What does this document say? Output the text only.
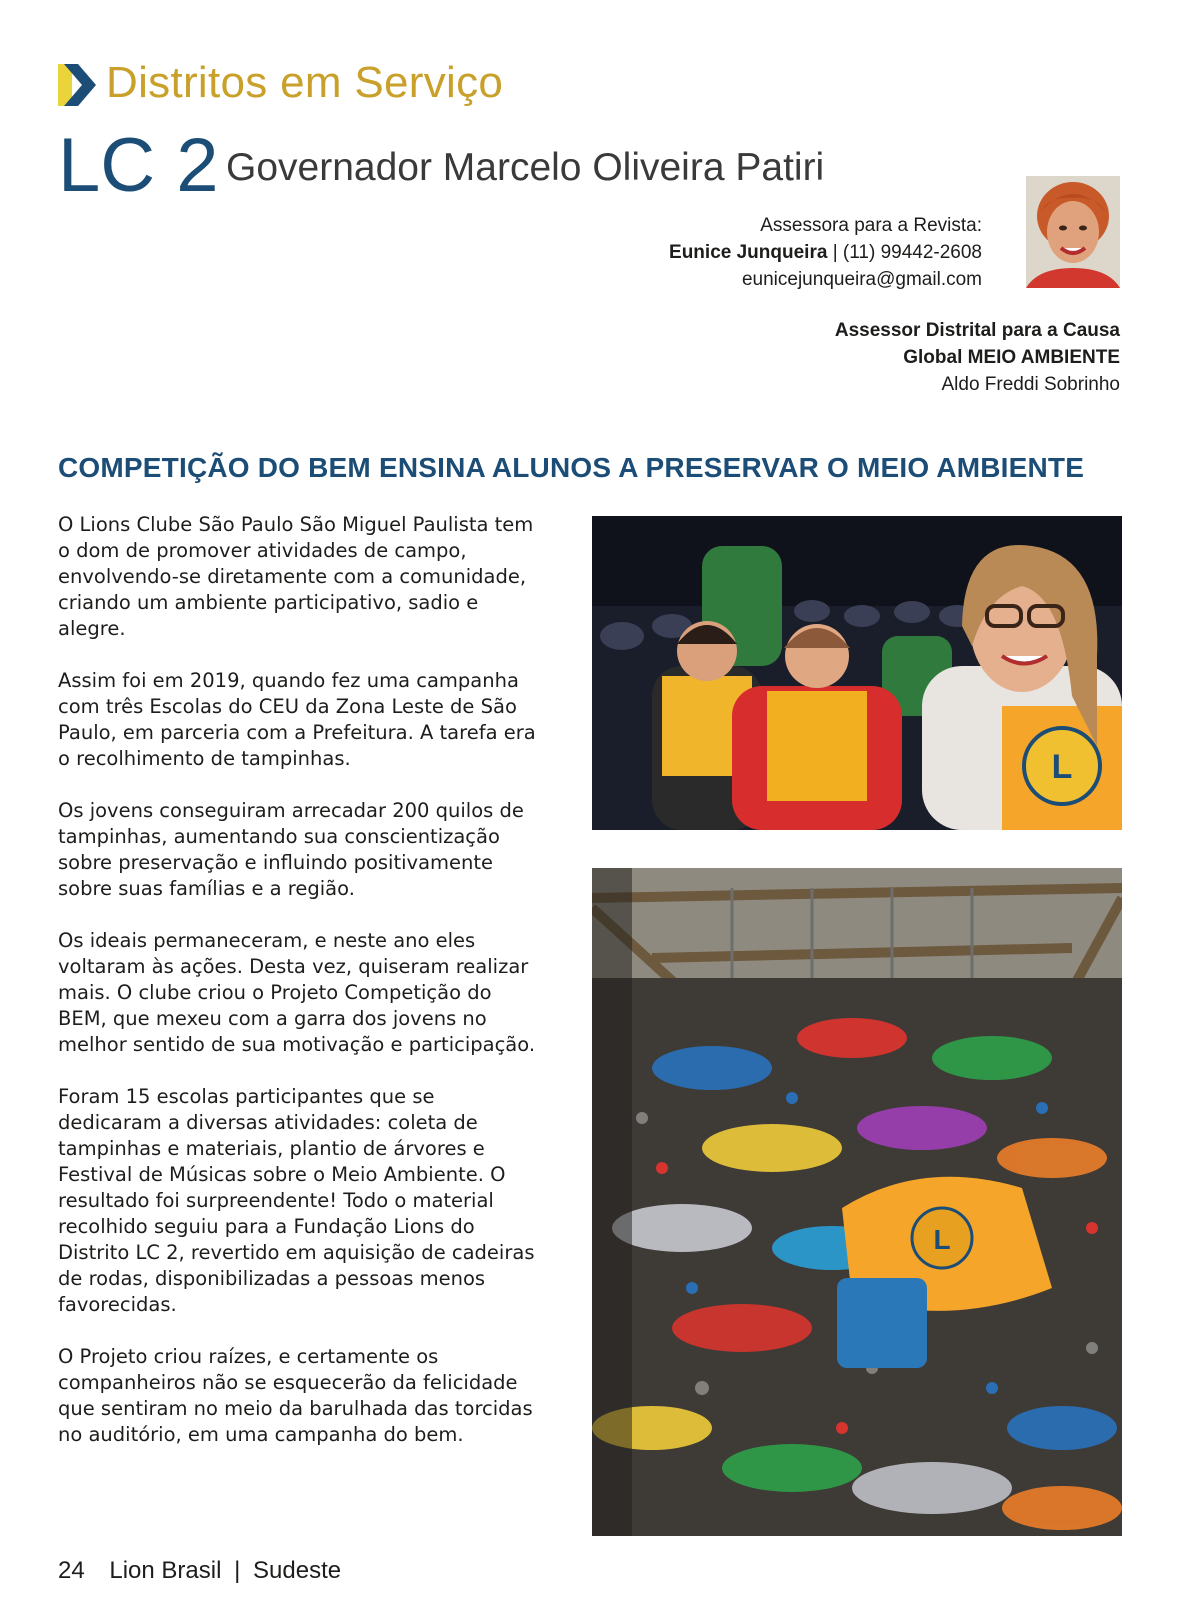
Distritos em Serviço
LC 2 Governador Marcelo Oliveira Patiri
Assessora para a Revista:
Eunice Junqueira | (11) 99442-2608
eunicejunqueira@gmail.com
Assessor Distrital para a Causa
Global MEIO AMBIENTE
Aldo Freddi Sobrinho
COMPETIÇÃO DO BEM ENSINA ALUNOS A PRESERVAR O MEIO AMBIENTE

O Lions Clube São Paulo São Miguel Paulista tem o dom de promover atividades de campo, envolvendo-se diretamente com a comunidade, criando um ambiente participativo, sadio e alegre.

Assim foi em 2019, quando fez uma campanha com três Escolas do CEU da Zona Leste de São Paulo, em parceria com a Prefeitura. A tarefa era o recolhimento de tampinhas.

Os jovens conseguiram arrecadar 200 quilos de tampinhas, aumentando sua conscientização sobre preservação e influindo positivamente sobre suas famílias e a região.

Os ideais permaneceram, e neste ano eles voltaram às ações. Desta vez, quiseram realizar mais. O clube criou o Projeto Competição do BEM, que mexeu com a garra dos jovens no melhor sentido de sua motivação e participação.

Foram 15 escolas participantes que se dedicaram a diversas atividades: coleta de tampinhas e materiais, plantio de árvores e Festival de Músicas sobre o Meio Ambiente. O resultado foi surpreendente! Todo o material recolhido seguiu para a Fundação Lions do Distrito LC 2, revertido em aquisição de cadeiras de rodas, disponibilizadas a pessoas menos favorecidas.

O Projeto criou raízes, e certamente os companheiros não se esquecerão da felicidade que sentiram no meio da barulhada das torcidas no auditório, em uma campanha do bem.

L
L
24 Lion Brasil | Sudeste
